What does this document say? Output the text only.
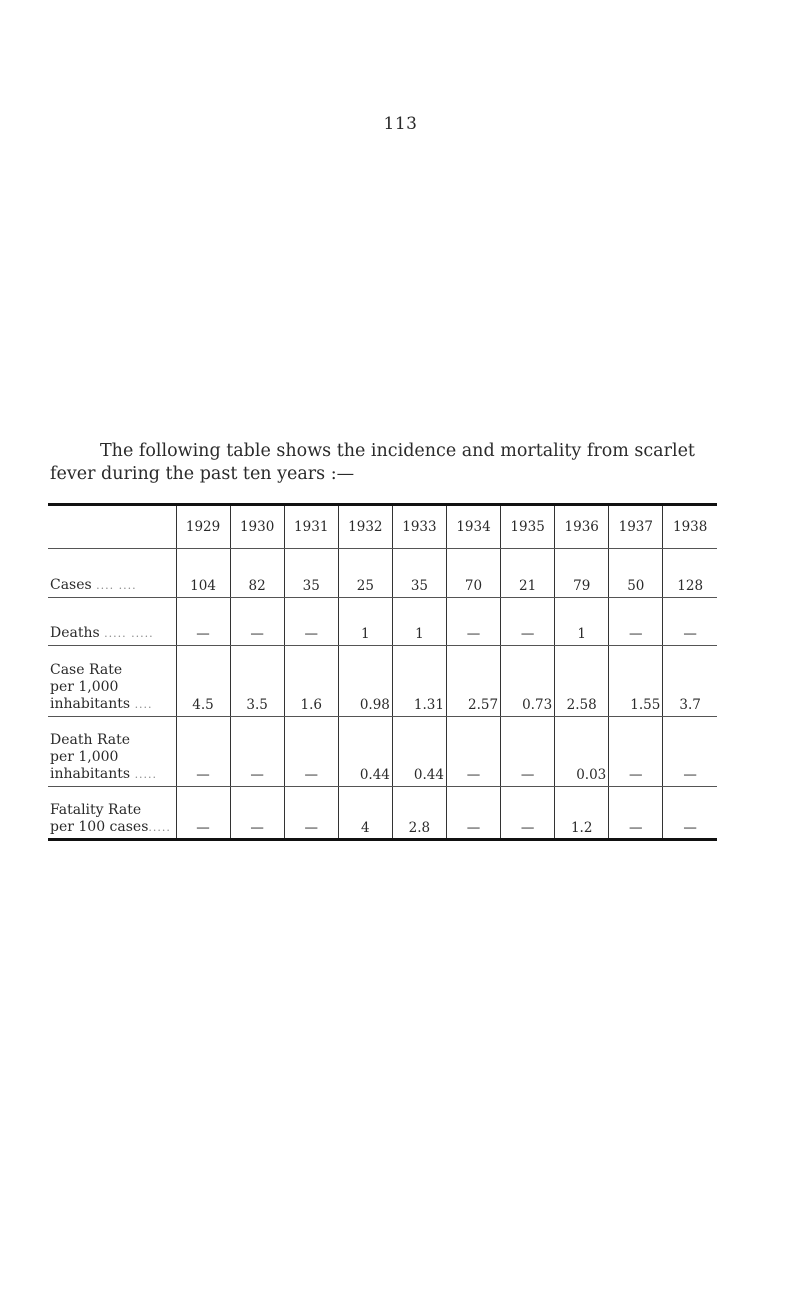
113

The following table shows the incidence and mortality from scarlet
fever during the past ten years :—

	1929	1930	1931	1932	1933	1934	1935	1936	1937	1938

Cases .... ....	104	82	35	25	35	70	21	79	50	128

Deaths ..... .....	—	—	—	1	1	—	—	1	—	—

Case Rate
per 1,000
inhabitants ....	4.5	3.5	1.6	0.98	1.31	2.57	0.73	2.58	1.55	3.7

Death Rate
per 1,000
inhabitants .....	—	—	—	0.44	0.44	—	—	0.03	—	—

Fatality Rate
per 100 cases.....	—	—	—	4	2.8	—	—	1.2	—	—
